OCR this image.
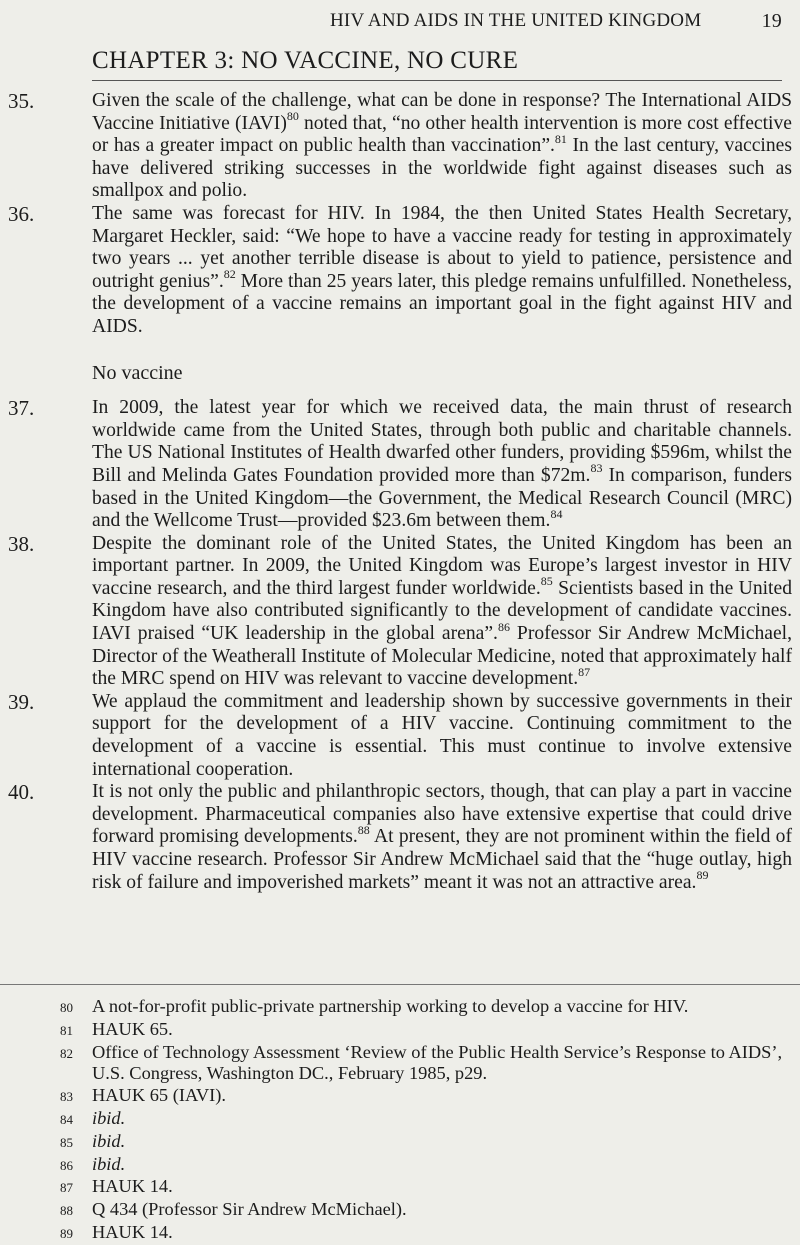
HIV AND AIDS IN THE UNITED KINGDOM	19
CHAPTER 3: NO VACCINE, NO CURE
35.	Given the scale of the challenge, what can be done in response? The International AIDS Vaccine Initiative (IAVI)$^{80}$ noted that, “no other health intervention is more cost effective or has a greater impact on public health than vaccination”.$^{81}$ In the last century, vaccines have delivered striking successes in the worldwide fight against diseases such as smallpox and polio.
36.	The same was forecast for HIV. In 1984, the then United States Health Secretary, Margaret Heckler, said: “We hope to have a vaccine ready for testing in approximately two years ... yet another terrible disease is about to yield to patience, persistence and outright genius”.$^{82}$ More than 25 years later, this pledge remains unfulfilled. Nonetheless, the development of a vaccine remains an important goal in the fight against HIV and AIDS.
No vaccine
37.	In 2009, the latest year for which we received data, the main thrust of research worldwide came from the United States, through both public and charitable channels. The US National Institutes of Health dwarfed other funders, providing $596m, whilst the Bill and Melinda Gates Foundation provided more than $72m.$^{83}$ In comparison, funders based in the United Kingdom—the Government, the Medical Research Council (MRC) and the Wellcome Trust—provided $23.6m between them.$^{84}$
38.	Despite the dominant role of the United States, the United Kingdom has been an important partner. In 2009, the United Kingdom was Europe’s largest investor in HIV vaccine research, and the third largest funder worldwide.$^{85}$ Scientists based in the United Kingdom have also contributed significantly to the development of candidate vaccines. IAVI praised “UK leadership in the global arena”.$^{86}$ Professor Sir Andrew McMichael, Director of the Weatherall Institute of Molecular Medicine, noted that approximately half the MRC spend on HIV was relevant to vaccine development.$^{87}$
39.	We applaud the commitment and leadership shown by successive governments in their support for the development of a HIV vaccine. Continuing commitment to the development of a vaccine is essential. This must continue to involve extensive international cooperation.
40.	It is not only the public and philanthropic sectors, though, that can play a part in vaccine development. Pharmaceutical companies also have extensive expertise that could drive forward promising developments.$^{88}$ At present, they are not prominent within the field of HIV vaccine research. Professor Sir Andrew McMichael said that the “huge outlay, high risk of failure and impoverished markets” meant it was not an attractive area.$^{89}$
80	A not-for-profit public-private partnership working to develop a vaccine for HIV.
81	HAUK 65.
82	Office of Technology Assessment ‘Review of the Public Health Service’s Response to AIDS’, U.S. Congress, Washington DC., February 1985, p29.
83	HAUK 65 (IAVI).
84	ibid.
85	ibid.
86	ibid.
87	HAUK 14.
88	Q 434 (Professor Sir Andrew McMichael).
89	HAUK 14.
